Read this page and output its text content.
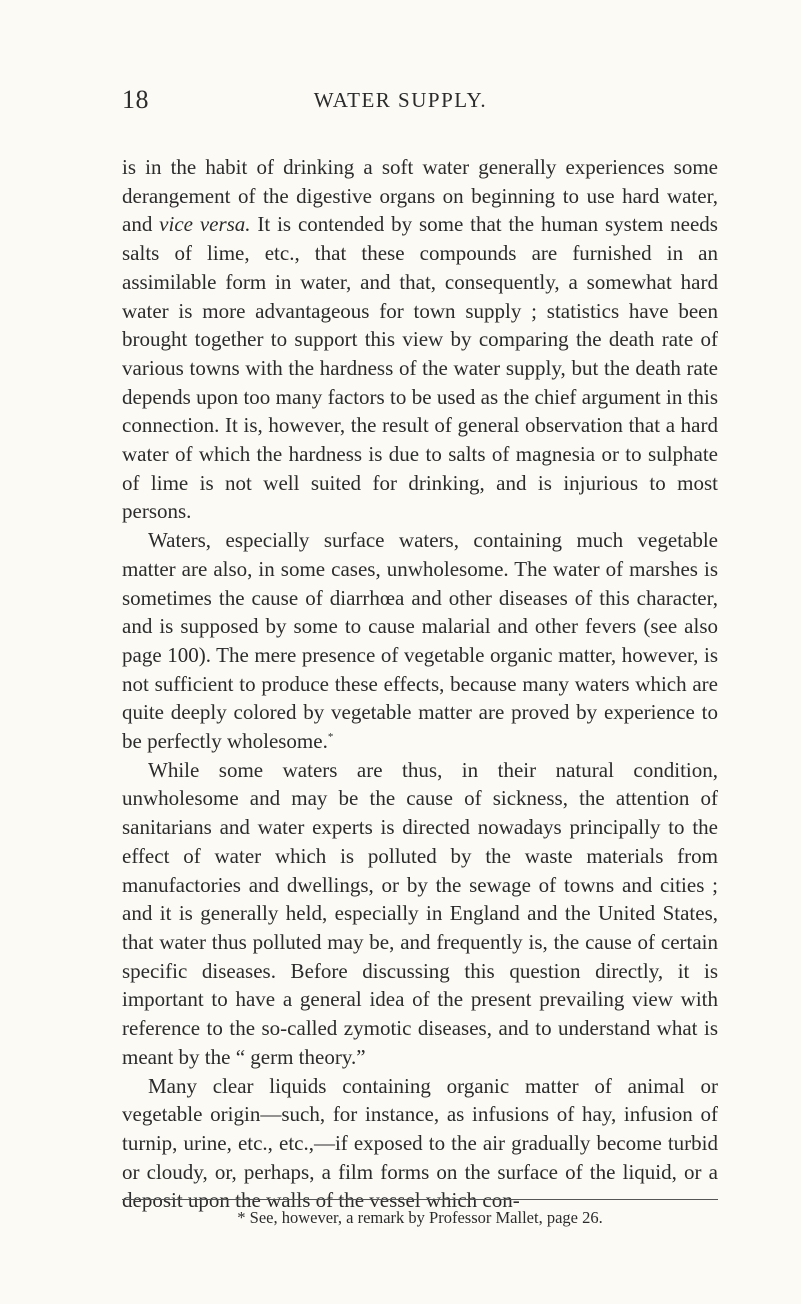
18	WATER SUPPLY.

is in the habit of drinking a soft water generally experiences some derangement of the digestive organs on beginning to use hard water, and vice versa. It is contended by some that the human system needs salts of lime, etc., that these compounds are furnished in an assimilable form in water, and that, consequently, a somewhat hard water is more advantageous for town supply ; statistics have been brought together to support this view by comparing the death rate of various towns with the hardness of the water supply, but the death rate depends upon too many factors to be used as the chief argument in this connection. It is, however, the result of general observation that a hard water of which the hardness is due to salts of magnesia or to sulphate of lime is not well suited for drinking, and is injurious to most persons.

Waters, especially surface waters, containing much vegetable matter are also, in some cases, unwholesome. The water of marshes is sometimes the cause of diarrhœa and other diseases of this character, and is supposed by some to cause malarial and other fevers (see also page 100). The mere presence of vegetable organic matter, however, is not sufficient to produce these effects, because many waters which are quite deeply colored by vegetable matter are proved by experience to be perfectly wholesome.*

While some waters are thus, in their natural condition, unwholesome and may be the cause of sickness, the attention of sanitarians and water experts is directed nowadays principally to the effect of water which is polluted by the waste materials from manufactories and dwellings, or by the sewage of towns and cities ; and it is generally held, especially in England and the United States, that water thus polluted may be, and frequently is, the cause of certain specific diseases. Before discussing this question directly, it is important to have a general idea of the present prevailing view with reference to the so-called zymotic diseases, and to understand what is meant by the “ germ theory.”

Many clear liquids containing organic matter of animal or vegetable origin—such, for instance, as infusions of hay, infusion of turnip, urine, etc., etc.,—if exposed to the air gradually become turbid or cloudy, or, perhaps, a film forms on the surface of the liquid, or a deposit upon the walls of the vessel which con-

* See, however, a remark by Professor Mallet, page 26.
